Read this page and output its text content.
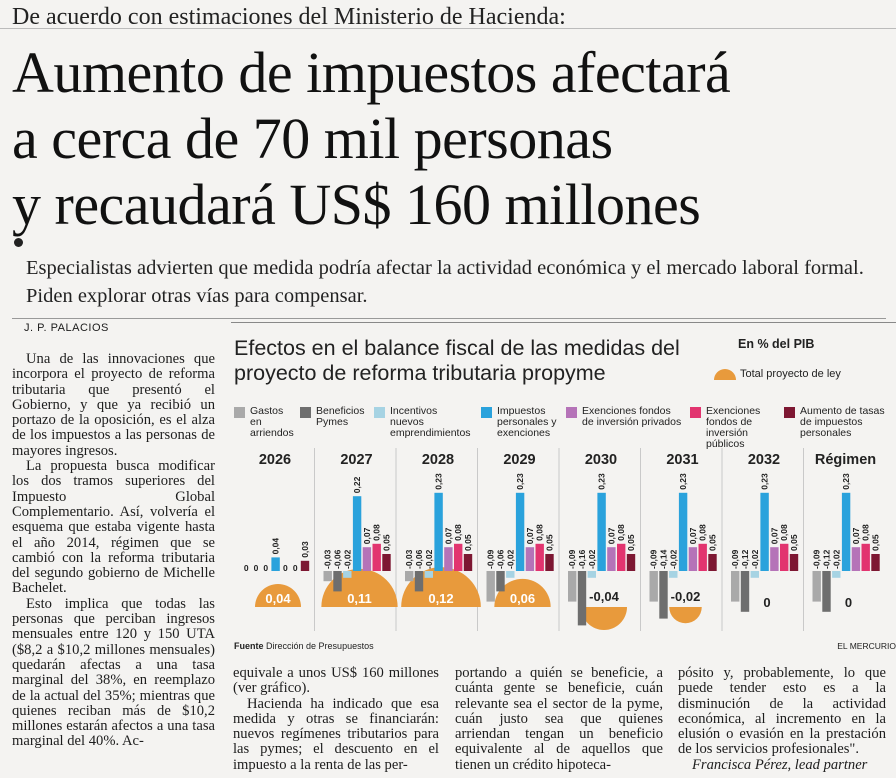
De acuerdo con estimaciones del Ministerio de Hacienda:
Aumento de impuestos afectará
a cerca de 70 mil personas
y recaudará US$ 160 millones
Especialistas advierten que medida podría afectar la actividad económica y el mercado laboral formal. Piden explorar otras vías para compensar.
J. P. PALACIOS

Una de las innovaciones que incorpora el proyecto de reforma tributaria que presentó el Gobierno, y que ya recibió un portazo de la oposición, es el alza de los impuestos a las personas de mayores ingresos.

La propuesta busca modificar los dos tramos superiores del Impuesto Global Complementario. Así, volvería el esquema que estaba vigente hasta el año 2014, régimen que se cambió con la reforma tributaria del segundo gobierno de Michelle Bachelet.

Esto implica que todas las personas que perciban ingresos mensuales entre 120 y 150 UTA ($8,2 a $10,2 millones mensuales) quedarán afectas a una tasa marginal del 38%, en reemplazo de la actual del 35%; mientras que quienes reciban más de $10,2 millones estarán afectos a una tasa marginal del 40%. Ac-

equivale a unos US$ 160 millones (ver gráfico).

Hacienda ha indicado que esa medida y otras se financiarán: nuevos regímenes tributarios para las pymes; el descuento en el impuesto a la renta de las per-

portando a quién se beneficie, a cuánta gente se beneficie, cuán relevante sea el sector de la pyme, cuán justo sea que quienes arriendan tengan un beneficio equivalente al de aquellos que tienen un crédito hipoteca-

pósito y, probablemente, lo que puede tender esto es a la disminución de la actividad económica, al incremento en la elusión o evasión en la prestación de los servicios profesionales".

Francisca Pérez, lead partner

Efectos en el balance fiscal de las medidas del proyecto de reforma tributaria propyme
En % del PIB
Total proyecto de ley
Gastos en arriendos
Beneficios Pymes
Incentivos nuevos emprendimientos
Impuestos personales y exenciones
Exenciones fondos de inversión privados
Exenciones fondos de inversión públicos
Aumento de tasas de impuestos personales
2026	2027	2028	2029	2030	2031	2032	Régimen
0 0 0
0,04
0 0
0,03
0,04
-0,03 -0,06 -0,02
0,22
0,07 0,08
0,05
0,11
-0,03 -0,06 -0,02
0,23
0,07 0,08
0,05
0,12
-0,09 -0,06 -0,02
0,23
0,07 0,08
0,05
0,06
-0,09 -0,16 -0,02
0,23
0,07 0,08
0,05
-0,04
-0,09 -0,14 -0,02
0,23
0,07 0,08
0,05
-0,02
-0,09 -0,12 -0,02
0,23
0,07 0,08
0,05
0
-0,09 -0,12 -0,02
0,23
0,07 0,08
0,05
0
Fuente Dirección de Presupuestos	EL MERCURIO
